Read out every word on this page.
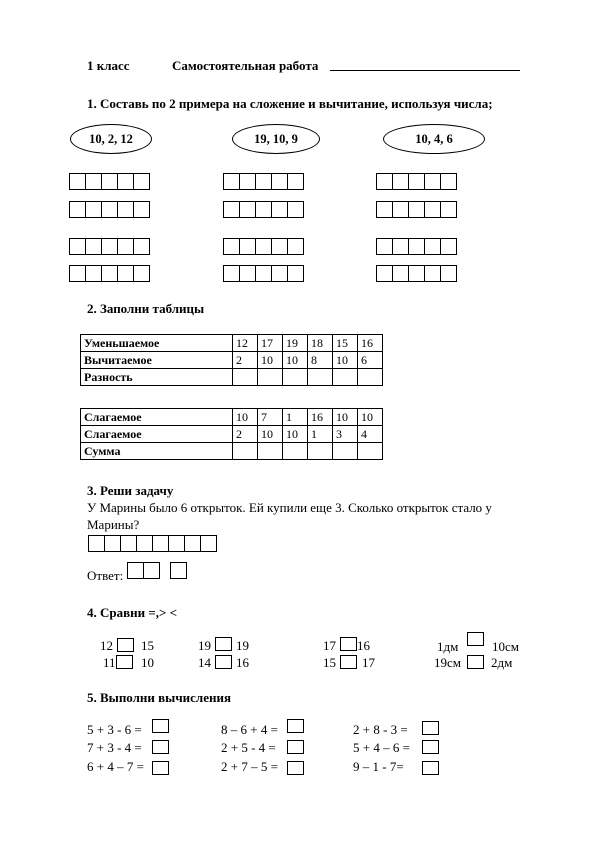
1 класс	Самостоятельная работа
1. Составь по 2 примера на сложение и вычитание, используя числа;
10, 2, 12	19, 10, 9	10, 4, 6
2. Заполни таблицы
Уменьшаемое	12	17	19	18	15	16
Вычитаемое	2	10	10	8	10	6
Разность						
Слагаемое	10	7	1	16	10	10
Слагаемое	2	10	10	1	3	4
Сумма						
3. Реши задачу
У Марины было 6 открыток. Ей купили еще 3. Сколько открыток стало у
Марины?
Ответ:
4. Сравни =,> <
12 15	19 19	17 16	1дм	10см
11 10	14 16	15 17	19см 2дм
5. Выполни вычисления
5 + 3 - 6 =	8 – 6 + 4 =	2 + 8 - 3 =
7 + 3 - 4 =	2 + 5 - 4 =	5 + 4 – 6 =
6 + 4 – 7 =	2 + 7 – 5 =	9 – 1 - 7=
